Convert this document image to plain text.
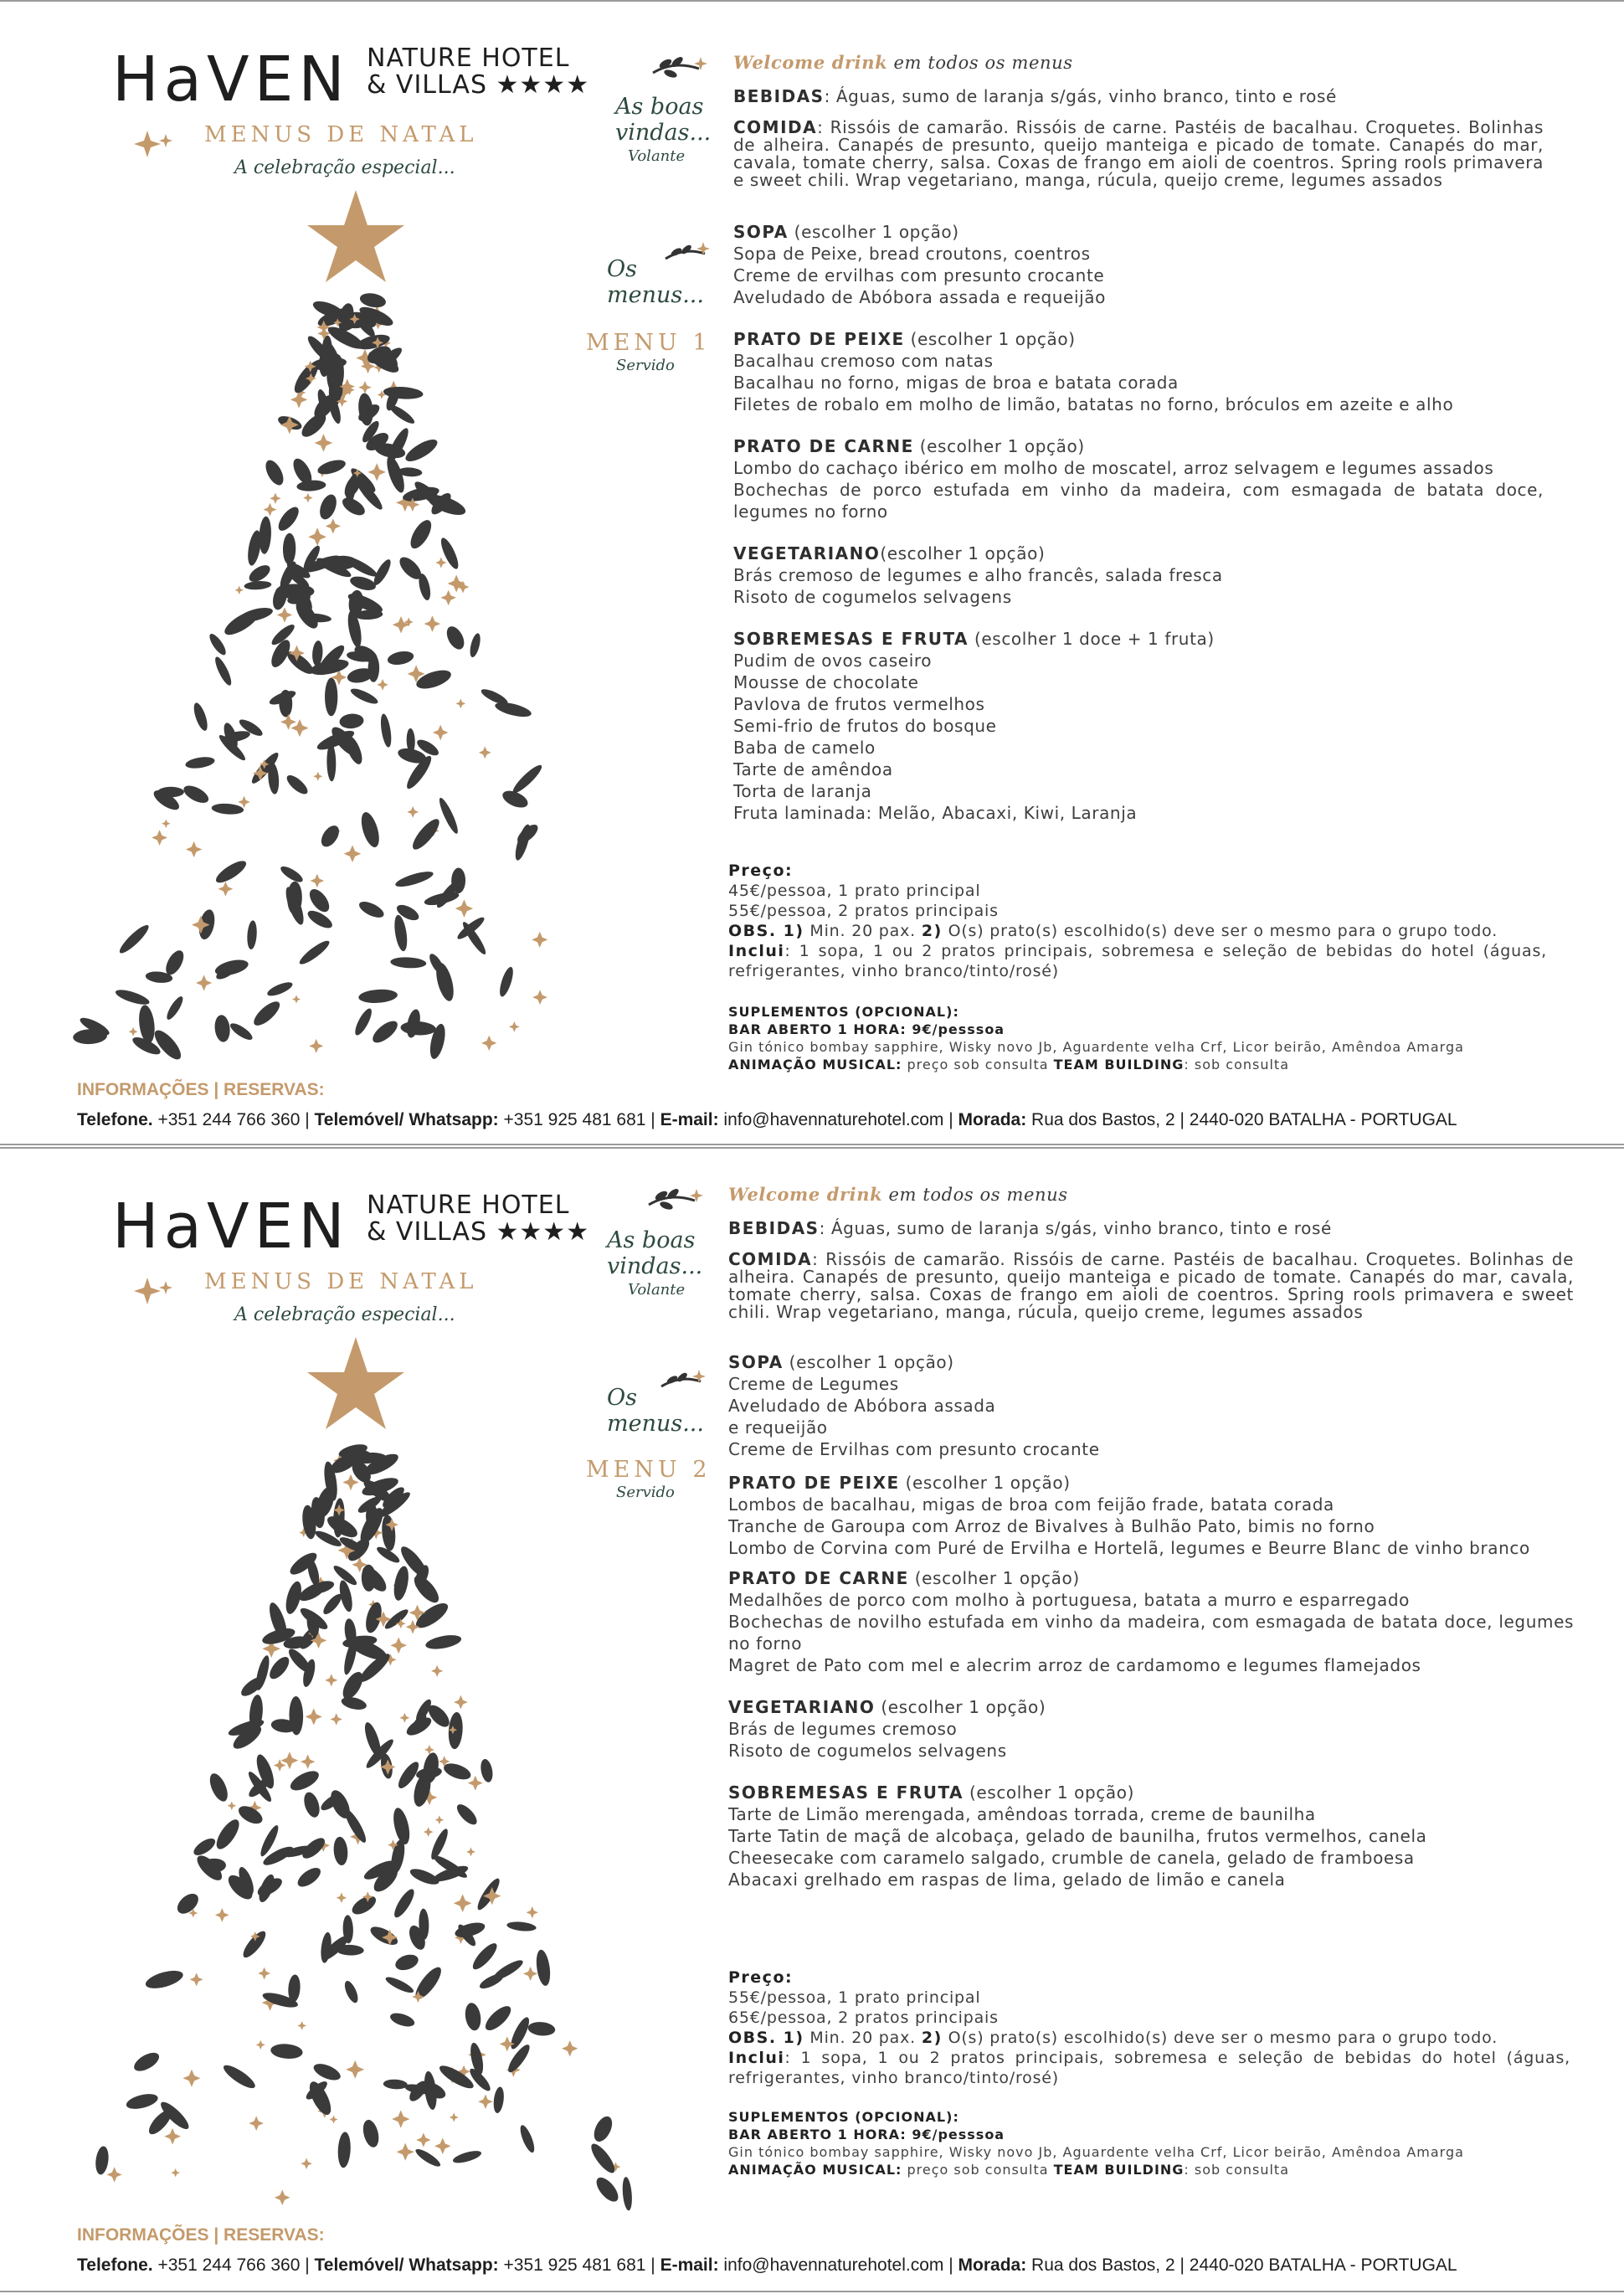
HaVEN NATURE HOTEL
& VILLAS ★★★★
MENUS DE NATAL
A celebração especial...
As boas
vindas...
Volante
Os
menus...
MENU 1
Servido
Welcome drink em todos os menus
BEBIDAS: Águas, sumo de laranja s/gás, vinho branco, tinto e rosé
COMIDA: Rissóis de camarão. Rissóis de carne. Pastéis de bacalhau. Croquetes. Bolinhas de alheira. Canapés de presunto, queijo manteiga e picado de tomate. Canapés do mar, cavala, tomate cherry, salsa. Coxas de frango em aioli de coentros. Spring rools primavera e sweet chili. Wrap vegetariano, manga, rúcula, queijo creme, legumes assados
SOPA (escolher 1 opção)
Sopa de Peixe, bread croutons, coentros
Creme de ervilhas com presunto crocante
Aveludado de Abóbora assada e requeijão
PRATO DE PEIXE (escolher 1 opção)
Bacalhau cremoso com natas
Bacalhau no forno, migas de broa e batata corada
Filetes de robalo em molho de limão, batatas no forno, bróculos em azeite e alho
PRATO DE CARNE (escolher 1 opção)
Lombo do cachaço ibérico em molho de moscatel, arroz selvagem e legumes assados
Bochechas de porco estufada em vinho da madeira, com esmagada de batata doce, legumes no forno
VEGETARIANO(escolher 1 opção)
Brás cremoso de legumes e alho francês, salada fresca
Risoto de cogumelos selvagens
SOBREMESAS E FRUTA (escolher 1 doce + 1 fruta)
Pudim de ovos caseiro
Mousse de chocolate
Pavlova de frutos vermelhos
Semi-frio de frutos do bosque
Baba de camelo
Tarte de amêndoa
Torta de laranja
Fruta laminada: Melão, Abacaxi, Kiwi, Laranja
Preço:
45€/pessoa, 1 prato principal
55€/pessoa, 2 pratos principais
OBS. 1) Min. 20 pax. 2) O(s) prato(s) escolhido(s) deve ser o mesmo para o grupo todo.
Inclui: 1 sopa, 1 ou 2 pratos principais, sobremesa e seleção de bebidas do hotel (águas, refrigerantes, vinho branco/tinto/rosé)
SUPLEMENTOS (OPCIONAL):
BAR ABERTO 1 HORA: 9€/pesssoa
Gin tónico bombay sapphire, Wisky novo Jb, Aguardente velha Crf, Licor beirão, Amêndoa Amarga
ANIMAÇÃO MUSICAL: preço sob consulta TEAM BUILDING: sob consulta
INFORMAÇÕES | RESERVAS:
Telefone. +351 244 766 360 | Telemóvel/ Whatsapp: +351 925 481 681 | E-mail: info@havennaturehotel.com | Morada: Rua dos Bastos, 2 | 2440-020 BATALHA - PORTUGAL
HaVEN NATURE HOTEL
& VILLAS ★★★★
MENUS DE NATAL
A celebração especial...
As boas
vindas...
Volante
Os
menus...
MENU 2
Servido
Welcome drink em todos os menus
BEBIDAS: Águas, sumo de laranja s/gás, vinho branco, tinto e rosé
COMIDA: Rissóis de camarão. Rissóis de carne. Pastéis de bacalhau. Croquetes. Bolinhas de alheira. Canapés de presunto, queijo manteiga e picado de tomate. Canapés do mar, cavala, tomate cherry, salsa. Coxas de frango em aioli de coentros. Spring rools primavera e sweet chili. Wrap vegetariano, manga, rúcula, queijo creme, legumes assados
SOPA (escolher 1 opção)
Creme de Legumes
Aveludado de Abóbora assada
e requeijão
Creme de Ervilhas com presunto crocante
PRATO DE PEIXE (escolher 1 opção)
Lombos de bacalhau, migas de broa com feijão frade, batata corada
Tranche de Garoupa com Arroz de Bivalves à Bulhão Pato, bimis no forno
Lombo de Corvina com Puré de Ervilha e Hortelã, legumes e Beurre Blanc de vinho branco
PRATO DE CARNE (escolher 1 opção)
Medalhões de porco com molho à portuguesa, batata a murro e esparregado
Bochechas de novilho estufada em vinho da madeira, com esmagada de batata doce, legumes no forno
Magret de Pato com mel e alecrim arroz de cardamomo e legumes flamejados
VEGETARIANO (escolher 1 opção)
Brás de legumes cremoso
Risoto de cogumelos selvagens
SOBREMESAS E FRUTA (escolher 1 opção)
Tarte de Limão merengada, amêndoas torrada, creme de baunilha
Tarte Tatin de maçã de alcobaça, gelado de baunilha, frutos vermelhos, canela
Cheesecake com caramelo salgado, crumble de canela, gelado de framboesa
Abacaxi grelhado em raspas de lima, gelado de limão e canela
Preço:
55€/pessoa, 1 prato principal
65€/pessoa, 2 pratos principais
OBS. 1) Min. 20 pax. 2) O(s) prato(s) escolhido(s) deve ser o mesmo para o grupo todo.
Inclui: 1 sopa, 1 ou 2 pratos principais, sobremesa e seleção de bebidas do hotel (águas, refrigerantes, vinho branco/tinto/rosé)
SUPLEMENTOS (OPCIONAL):
BAR ABERTO 1 HORA: 9€/pesssoa
Gin tónico bombay sapphire, Wisky novo Jb, Aguardente velha Crf, Licor beirão, Amêndoa Amarga
ANIMAÇÃO MUSICAL: preço sob consulta TEAM BUILDING: sob consulta
INFORMAÇÕES | RESERVAS:
Telefone. +351 244 766 360 | Telemóvel/ Whatsapp: +351 925 481 681 | E-mail: info@havennaturehotel.com | Morada: Rua dos Bastos, 2 | 2440-020 BATALHA - PORTUGAL
